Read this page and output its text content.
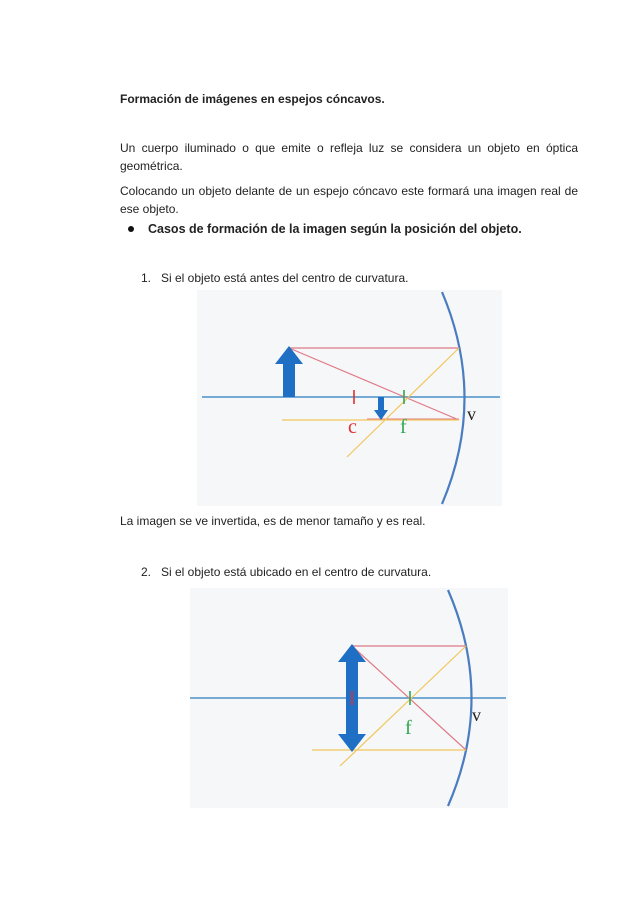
Formación de imágenes en espejos cóncavos.
Un cuerpo iluminado o que emite o refleja luz se considera un objeto en óptica geométrica.
Colocando un objeto delante de un espejo cóncavo este formará una imagen real de ese objeto.
Casos de formación de la imagen según la posición del objeto.
1. Si el objeto está antes del centro de curvatura.
c f
v
La imagen se ve invertida, es de menor tamaño y es real.
2. Si el objeto está ubicado en el centro de curvatura.
f
v
